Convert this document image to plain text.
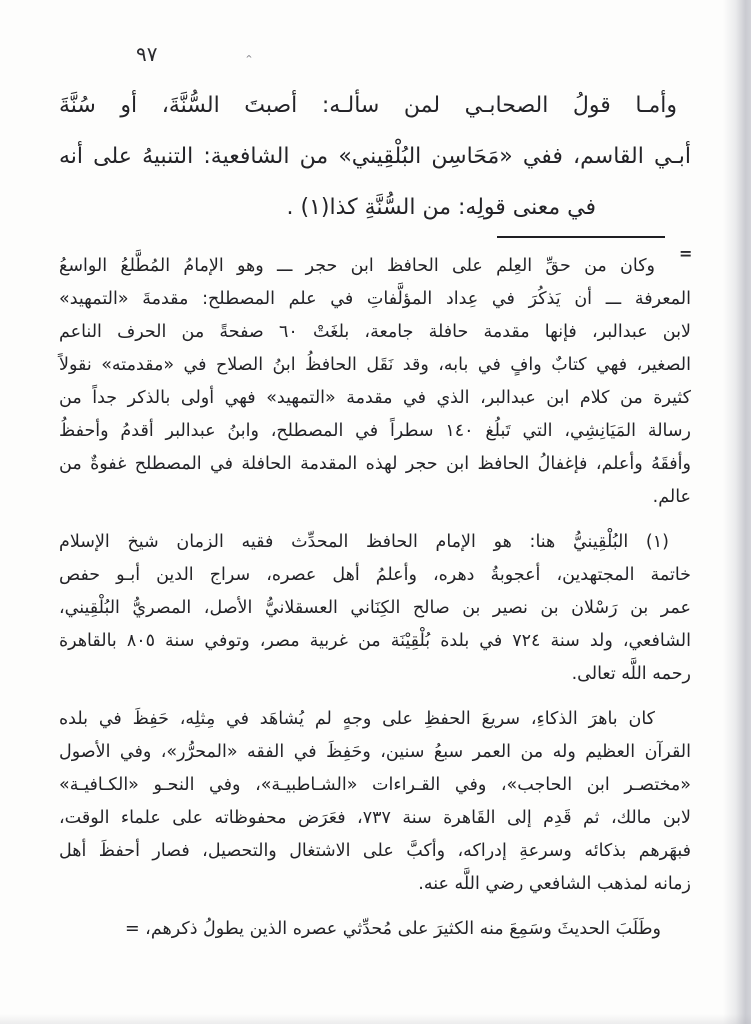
٩٧	ˆ
وأمـا قولُ الصحابـي لمن سألـه: أصبتَ السُّنَّةَ، أو سُنَّةَ
أبـي القاسم، ففي «مَحَاسِن البُلْقِيني» من الشافعية: التنبيهُ على أنه
في معنى قولِه: من السُّنَّةِ كذا(١) .
=
وكان من حقِّ العِلم على الحافظ ابن حجر ـــ وهو الإمامُ المُطَّلعُ الواسعُ
المعرفة ـــ أن يَذكُرَ في عِداد المؤلَّفاتِ في علم المصطلح: مقدمةَ «التمهيد»
لابن عبدالبر، فإنها مقدمة حافلة جامعة، بلغَتْ ٦٠ صفحةً من الحرف الناعم
الصغير، فهي كتابٌ وافٍ في بابه، وقد نَقَل الحافظُ ابنُ الصلاح في «مقدمته» نقولاً
كثيرة من كلام ابن عبدالبر، الذي في مقدمة «التمهيد» فهي أولى بالذكر جداً من
رسالة المَيَانِشِي، التي تَبلُغ ١٤٠ سطراً في المصطلح، وابنُ عبدالبر أقدمُ وأحفظُ
وأفقَهُ وأعلم، فإغفالُ الحافظ ابن حجر لهذه المقدمة الحافلة في المصطلح غفوةٌ من
عالم.
(١) البُلْقِينيُّ هنا: هو الإمام الحافظ المحدِّث فقيه الزمان شيخ الإسلام
خاتمة المجتهدين، أعجوبةُ دهره، وأعلمُ أهل عصره، سراج الدين أبـو حفص
عمر بن رَسْلان بن نصير بن صالح الكِنَاني العسقلانيُّ الأصل، المصريُّ البُلْقِيني،
الشافعي، ولد سنة ٧٢٤ في بلدة بُلْقِيْنَة من غربية مصر، وتوفي سنة ٨٠٥ بالقاهرة
رحمه اللَّه تعالى.
كان باهرَ الذكاءِ، سريعَ الحفظِ على وجهٍ لم يُشاهَد في مِثلِه، حَفِظَ في بلده
القرآن العظيم وله من العمر سبعُ سنين، وحَفِظَ في الفقه «المحرُّر»، وفي الأصول
«مختصـر ابن الحاجب»، وفي القـراءات «الشـاطبيـة»، وفي النحـو «الكـافيـة»
لابن مالك، ثم قَدِم إلى القَاهرة سنة ٧٣٧، فعَرَض محفوظاته على علماء الوقت،
فبهَرهم بذكائه وسرعةِ إدراكه، وأكبَّ على الاشتغال والتحصيل، فصار أحفظَ أهل
زمانه لمذهب الشافعي رضي اللَّه عنه.
وطَلَبَ الحديثَ وسَمِعَ منه الكثيرَ على مُحدِّثي عصره الذين يطولُ ذكرهم، =
